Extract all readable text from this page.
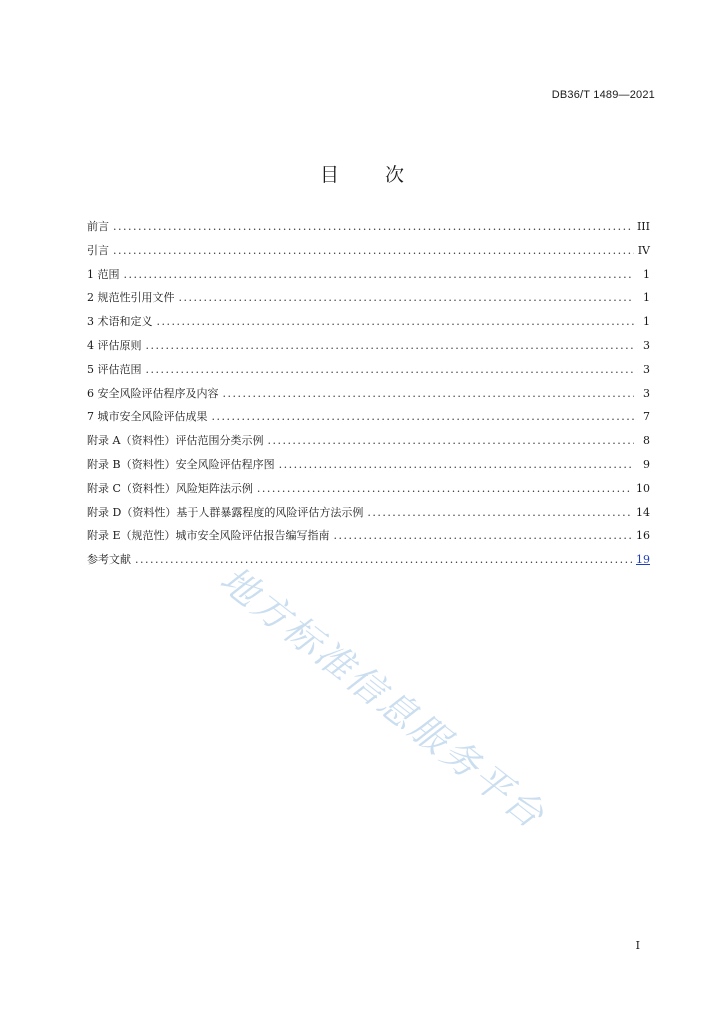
DB36/T 1489—2021
目 次
前言 .....	III
引言 .....	IV
1 范围 .....	1
2 规范性引用文件 .....	1
3 术语和定义 .....	1
4 评估原则 .....	3
5 评估范围 .....	3
6 安全风险评估程序及内容 .....	3
7 城市安全风险评估成果 .....	7
附录 A（资料性）评估范围分类示例 .....	8
附录 B（资料性）安全风险评估程序图 .....	9
附录 C（资料性）风险矩阵法示例 .....	10
附录 D（资料性）基于人群暴露程度的风险评估方法示例 .....	14
附录 E（规范性）城市安全风险评估报告编写指南 .....	16
参考文献 .....	19
地方标准信息服务平台
I
